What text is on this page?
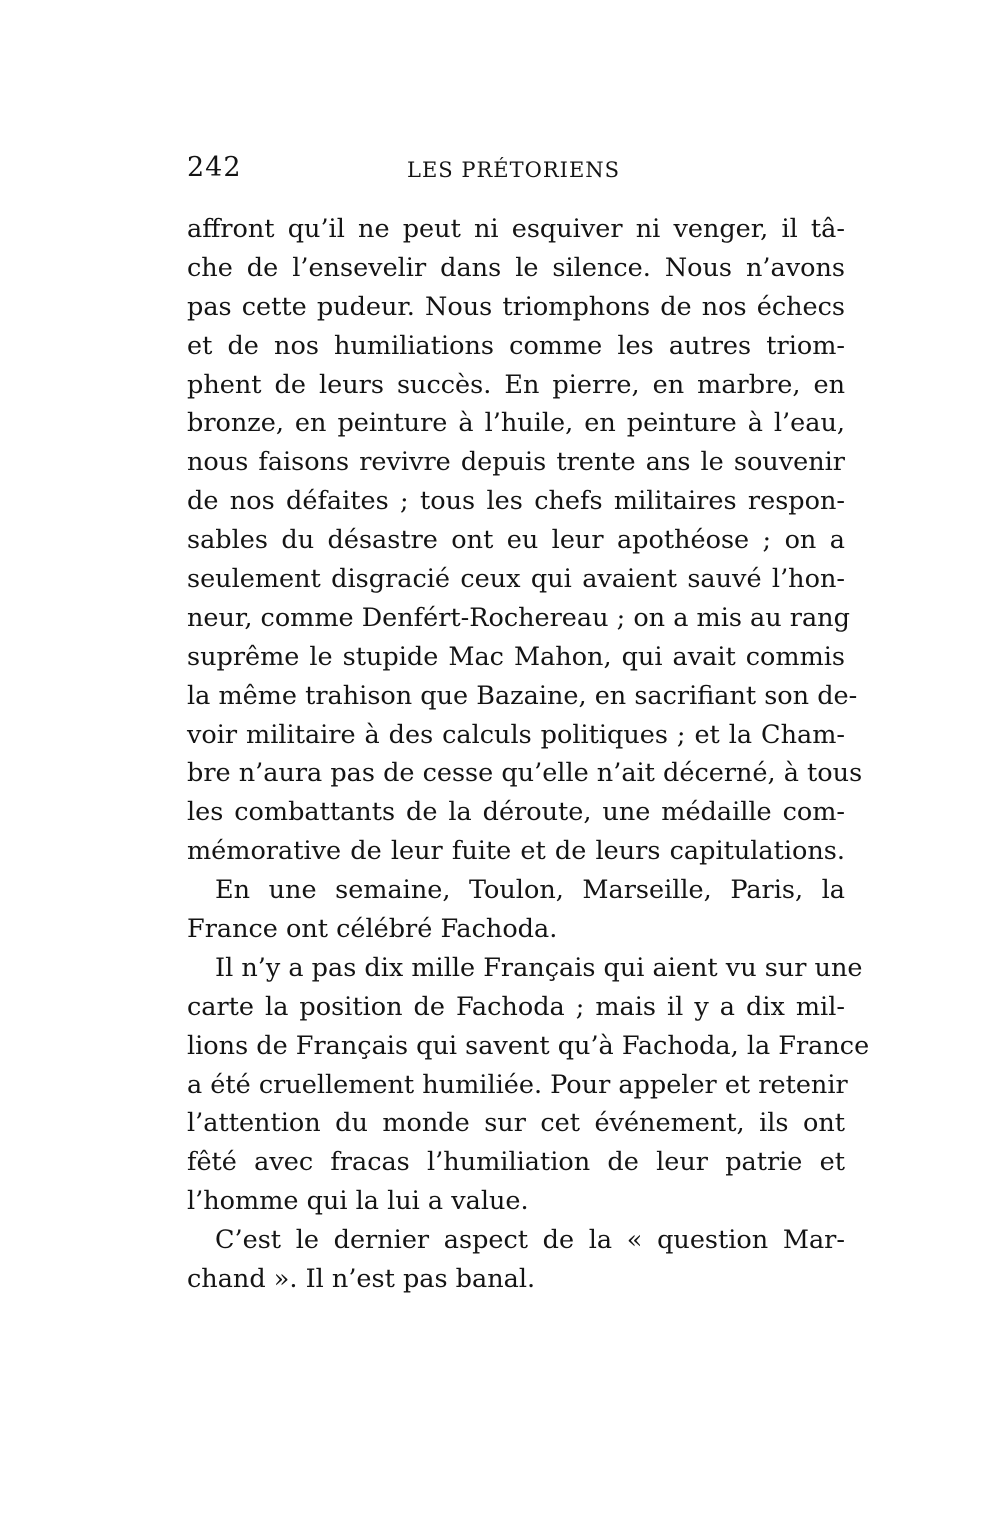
242	LES PRÉTORIENS
affront qu’il ne peut ni esquiver ni venger, il tâ-
che de l’ensevelir dans le silence. Nous n’avons
pas cette pudeur. Nous triomphons de nos échecs
et de nos humiliations comme les autres triom-
phent de leurs succès. En pierre, en marbre, en
bronze, en peinture à l’huile, en peinture à l’eau,
nous faisons revivre depuis trente ans le souvenir
de nos défaites ; tous les chefs militaires respon-
sables du désastre ont eu leur apothéose ; on a
seulement disgracié ceux qui avaient sauvé l’hon-
neur, comme Denfért-Rochereau ; on a mis au rang
suprême le stupide Mac Mahon, qui avait commis
la même trahison que Bazaine, en sacrifiant son de-
voir militaire à des calculs politiques ; et la Cham-
bre n’aura pas de cesse qu’elle n’ait décerné, à tous
les combattants de la déroute, une médaille com-
mémorative de leur fuite et de leurs capitulations.
En une semaine, Toulon, Marseille, Paris, la
France ont célébré Fachoda.
Il n’y a pas dix mille Français qui aient vu sur une
carte la position de Fachoda ; mais il y a dix mil-
lions de Français qui savent qu’à Fachoda, la France
a été cruellement humiliée. Pour appeler et retenir
l’attention du monde sur cet événement, ils ont
fêté avec fracas l’humiliation de leur patrie et
l’homme qui la lui a value.
C’est le dernier aspect de la « question Mar-
chand ». Il n’est pas banal.
